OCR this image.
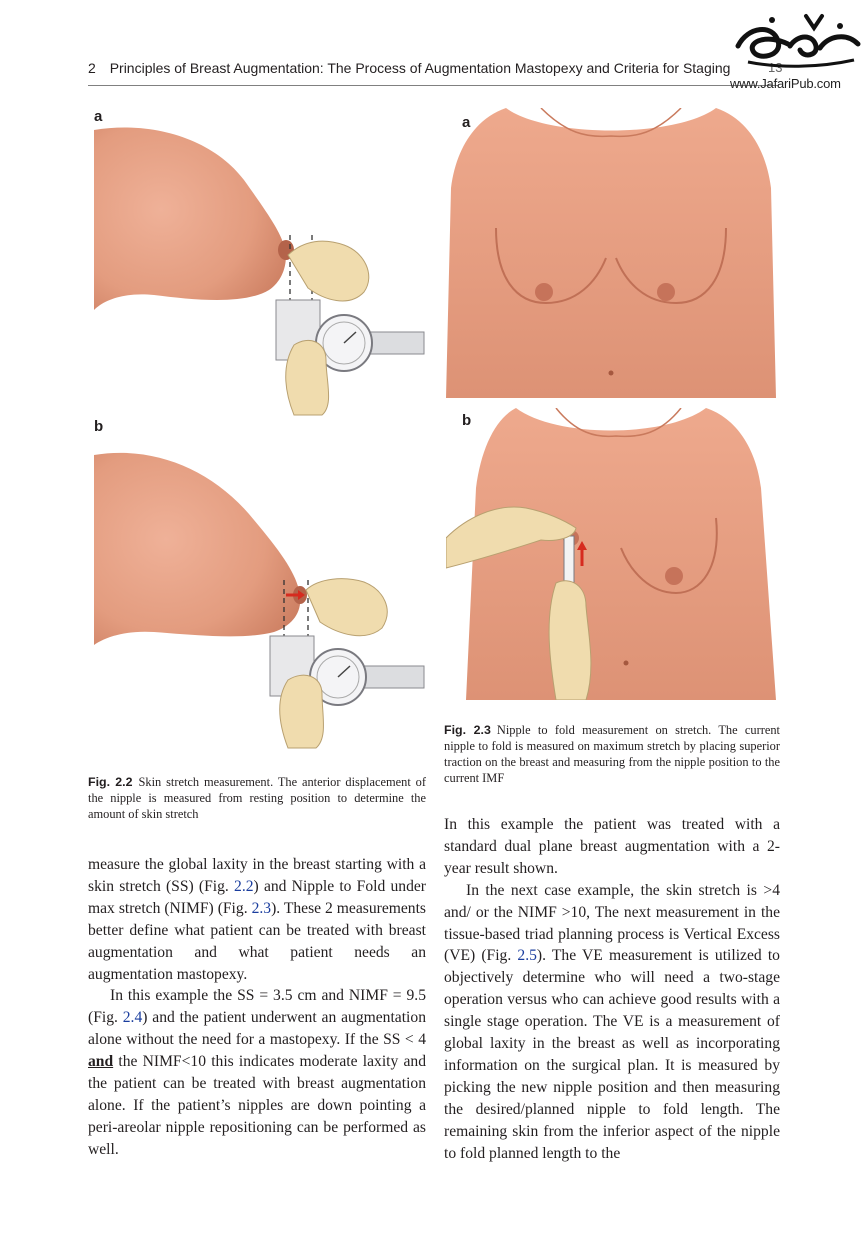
2 Principles of Breast Augmentation: The Process of Augmentation Mastopexy and Criteria for Staging	13
www.JafariPub.com
a
b
Fig. 2.2 Skin stretch measurement. The anterior displacement of the nipple is measured from resting position to determine the amount of skin stretch
a
b
Fig. 2.3 Nipple to fold measurement on stretch. The current nipple to fold is measured on maximum stretch by placing superior traction on the breast and measuring from the nipple position to the current IMF

measure the global laxity in the breast starting with a skin stretch (SS) (Fig. 2.2) and Nipple to Fold under max stretch (NIMF) (Fig. 2.3). These 2 measurements better define what patient can be treated with breast augmentation and what patient needs an augmentation mastopexy.

In this example the SS = 3.5 cm and NIMF = 9.5 (Fig. 2.4) and the patient underwent an augmentation alone without the need for a mastopexy. If the SS < 4 and the NIMF<10 this indicates moderate laxity and the patient can be treated with breast augmentation alone. If the patient’s nipples are down pointing a peri-areolar nipple repositioning can be performed as well.

In this example the patient was treated with a standard dual plane breast augmentation with a 2-year result shown.

In the next case example, the skin stretch is >4 and/ or the NIMF >10, The next measurement in the tissue-based triad planning process is Vertical Excess (VE) (Fig. 2.5). The VE measurement is utilized to objectively determine who will need a two-stage operation versus who can achieve good results with a single stage operation. The VE is a measurement of global laxity in the breast as well as incorporating information on the surgical plan. It is measured by picking the new nipple position and then measuring the desired/planned nipple to fold length. The remaining skin from the inferior aspect of the nipple to fold planned length to the
